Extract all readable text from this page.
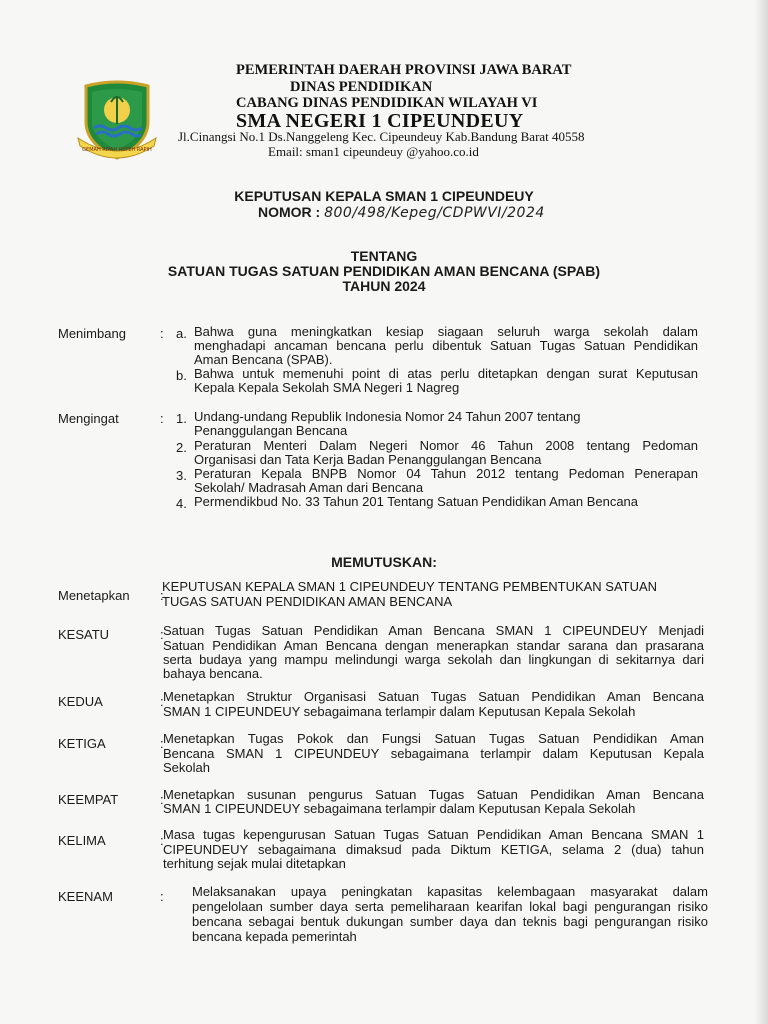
GEMAH RIPAH REPEH RAPIH
PEMERINTAH DAERAH PROVINSI JAWA BARAT
DINAS PENDIDIKAN
CABANG DINAS PENDIDIKAN WILAYAH VI
SMA NEGERI 1 CIPEUNDEUY
Jl.Cinangsi No.1 Ds.Nanggeleng Kec. Cipeundeuy Kab.Bandung Barat 40558
Email: sman1 cipeundeuy @yahoo.co.id
KEPUTUSAN KEPALA SMAN 1 CIPEUNDEUY
NOMOR : 800/498/Kepeg/CDPWVI/2024
TENTANG
SATUAN TUGAS SATUAN PENDIDIKAN AMAN BENCANA (SPAB)
TAHUN 2024
Menimbang	: a. Bahwa guna meningkatkan kesiap siagaan seluruh warga sekolah dalam
menghadapi ancaman bencana perlu dibentuk Satuan Tugas Satuan Pendidikan
Aman Bencana (SPAB).
b. Bahwa untuk memenuhi point di atas perlu ditetapkan dengan surat Keputusan
Kepala Kepala Sekolah SMA Negeri 1 Nagreg
Mengingat	: 1. Undang-undang Republik Indonesia Nomor 24 Tahun 2007 tentang
Penanggulangan Bencana
2. Peraturan Menteri Dalam Negeri Nomor 46 Tahun 2008 tentang Pedoman
Organisasi dan Tata Kerja Badan Penanggulangan Bencana
3. Peraturan Kepala BNPB Nomor 04 Tahun 2012 tentang Pedoman Penerapan
Sekolah/ Madrasah Aman dari Bencana
4. Permendikbud No. 33 Tahun 201 Tentang Satuan Pendidikan Aman Bencana
MEMUTUSKAN:
Menetapkan :
KEPUTUSAN KEPALA SMAN 1 CIPEUNDEUY TENTANG PEMBENTUKAN SATUAN
TUGAS SATUAN PENDIDIKAN AMAN BENCANA
KESATU	: Satuan Tugas Satuan Pendidikan Aman Bencana SMAN 1 CIPEUNDEUY Menjadi
Satuan Pendidikan Aman Bencana dengan menerapkan standar sarana dan prasarana
serta budaya yang mampu melindungi warga sekolah dan lingkungan di sekitarnya dari
bahaya bencana.
KEDUA	: Menetapkan Struktur Organisasi Satuan Tugas Satuan Pendidikan Aman Bencana
SMAN 1 CIPEUNDEUY sebagaimana terlampir dalam Keputusan Kepala Sekolah
KETIGA	: Menetapkan Tugas Pokok dan Fungsi Satuan Tugas Satuan Pendidikan Aman
Bencana SMAN 1 CIPEUNDEUY sebagaimana terlampir dalam Keputusan Kepala
Sekolah
KEEMPAT	: Menetapkan susunan pengurus Satuan Tugas Satuan Pendidikan Aman Bencana
SMAN 1 CIPEUNDEUY sebagaimana terlampir dalam Keputusan Kepala Sekolah
KELIMA	: Masa tugas kepengurusan Satuan Tugas Satuan Pendidikan Aman Bencana SMAN 1
CIPEUNDEUY sebagaimana dimaksud pada Diktum KETIGA, selama 2 (dua) tahun
terhitung sejak mulai ditetapkan
KEENAM	: Melaksanakan upaya peningkatan kapasitas kelembagaan masyarakat dalam
pengelolaan sumber daya serta pemeliharaan kearifan lokal bagi pengurangan risiko
bencana sebagai bentuk dukungan sumber daya dan teknis bagi pengurangan risiko
bencana kepada pemerintah
